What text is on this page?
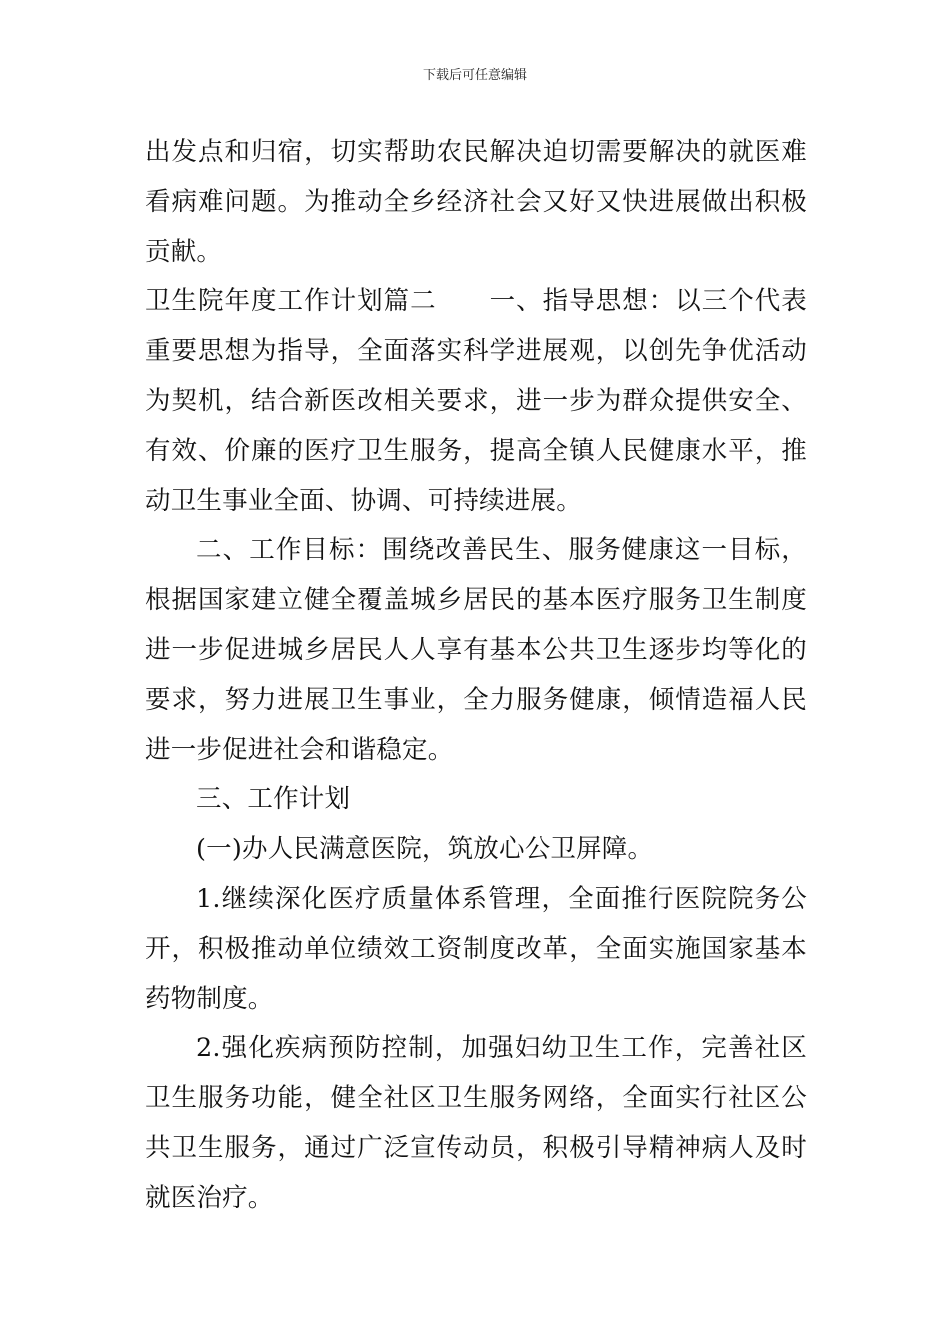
下载后可任意编辑

出发点和归宿，切实帮助农民解决迫切需要解决的就医难看病难问题。为推动全乡经济社会又好又快进展做出积极贡献。

卫生院年度工作计划篇二　　一、指导思想：以三个代表重要思想为指导，全面落实科学进展观，以创先争优活动为契机，结合新医改相关要求，进一步为群众提供安全、有效、价廉的医疗卫生服务，提高全镇人民健康水平，推动卫生事业全面、协调、可持续进展。

二、工作目标：围绕改善民生、服务健康这一目标，根据国家建立健全覆盖城乡居民的基本医疗服务卫生制度进一步促进城乡居民人人享有基本公共卫生逐步均等化的要求，努力进展卫生事业，全力服务健康，倾情造福人民进一步促进社会和谐稳定。

三、工作计划

(一)办人民满意医院，筑放心公卫屏障。

1.继续深化医疗质量体系管理，全面推行医院院务公开，积极推动单位绩效工资制度改革，全面实施国家基本药物制度。

2.强化疾病预防控制，加强妇幼卫生工作，完善社区卫生服务功能，健全社区卫生服务网络，全面实行社区公共卫生服务，通过广泛宣传动员，积极引导精神病人及时就医治疗。
